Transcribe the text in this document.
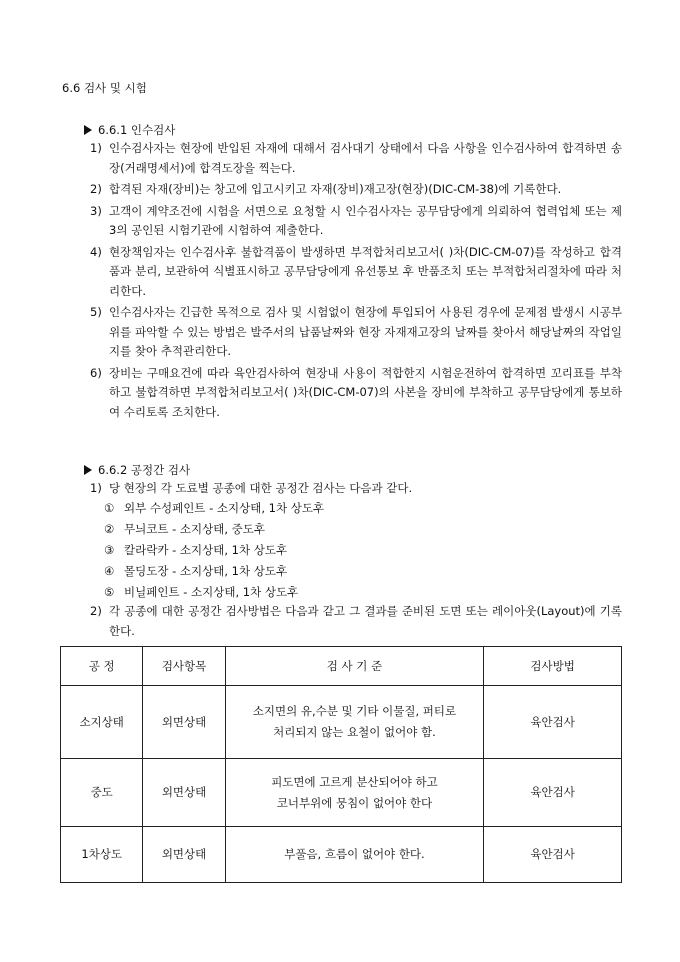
6.6 검사 및 시험
6.6.1 인수검사
1) 인수검사자는 현장에 반입된 자재에 대해서 검사대기 상태에서 다음 사항을 인수검사하여 합격하면 송장(거래명세서)에 합격도장을 찍는다.
2) 합격된 자재(장비)는 창고에 입고시키고 자재(장비)재고장(현장)(DIC-CM-38)에 기록한다.
3) 고객이 계약조건에 시험을 서면으로 요청할 시 인수검사자는 공무담당에게 의뢰하여 협력업체 또는 제3의 공인된 시험기관에 시험하여 제출한다.
4) 현장책임자는 인수검사후 불합격품이 발생하면 부적합처리보고서( )차(DIC-CM-07)를 작성하고 합격품과 분리, 보관하여 식별표시하고 공무담당에게 유선통보 후 반품조치 또는 부적합처리절차에 따라 처리한다.
5) 인수검사자는 긴급한 목적으로 검사 및 시험없이 현장에 투입되어 사용된 경우에 문제점 발생시 시공부위를 파악할 수 있는 방법은 발주서의 납품날짜와 현장 자재재고장의 날짜를 찾아서 해당날짜의 작업일지를 찾아 추적관리한다.
6) 장비는 구매요건에 따라 육안검사하여 현장내 사용이 적합한지 시험운전하여 합격하면 꼬리표를 부착하고 불합격하면 부적합처리보고서( )차(DIC-CM-07)의 사본을 장비에 부착하고 공무담당에게 통보하여 수리토록 조치한다.
6.6.2 공정간 검사
1) 당 현장의 각 도료별 공종에 대한 공정간 검사는 다음과 같다.
① 외부 수성페인트 - 소지상태, 1차 상도후
② 무늬코트 - 소지상태, 중도후
③ 칼라락카 - 소지상태, 1차 상도후
④ 몰딩도장 - 소지상태, 1차 상도후
⑤ 비닐페인트 - 소지상태, 1차 상도후
2) 각 공종에 대한 공정간 검사방법은 다음과 같고 그 결과를 준비된 도면 또는 레이아웃(Layout)에 기록한다.
공 정	검사항목	검 사 기 준	검사방법
소지상태	외면상태	소지면의 유,수분 및 기타 이물질, 퍼티로
처리되지 않는 요철이 없어야 함.	육안검사
중도	외면상태	피도면에 고르게 분산되어야 하고
코너부위에 뭉침이 없어야 한다	육안검사
1차상도	외면상태	부풀음, 흐름이 없어야 한다.	육안검사
